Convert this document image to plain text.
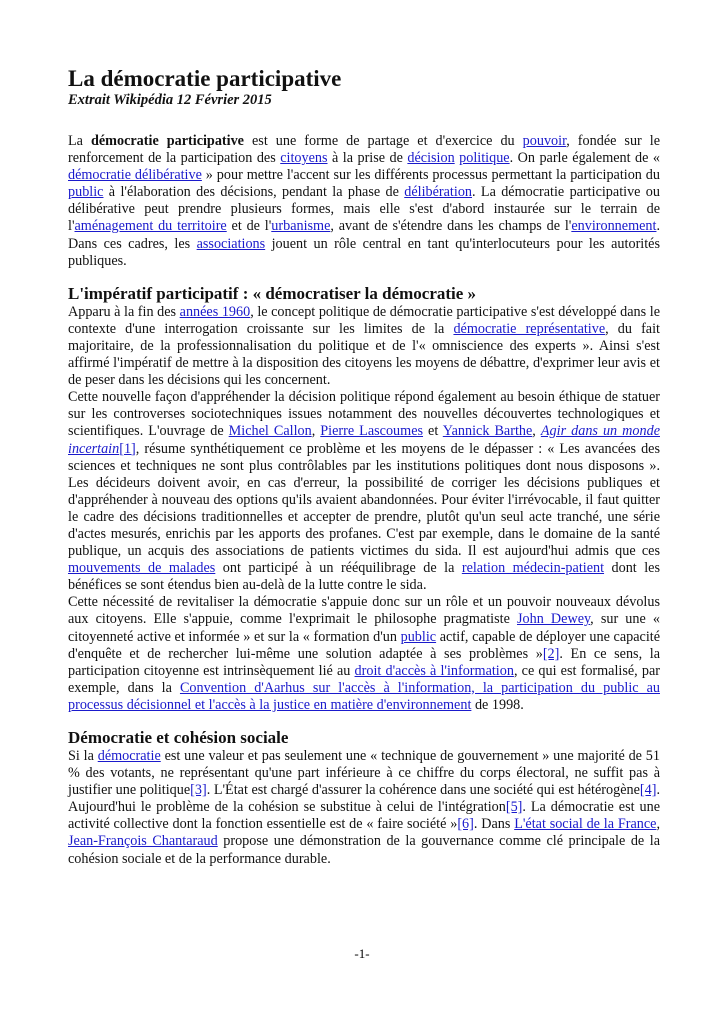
La démocratie participative
Extrait Wikipédia 12 Février 2015

La démocratie participative est une forme de partage et d'exercice du pouvoir, fondée sur le renforcement de la participation des citoyens à la prise de décision politique. On parle également de « démocratie délibérative » pour mettre l'accent sur les différents processus permettant la participation du public à l'élaboration des décisions, pendant la phase de délibération. La démocratie participative ou délibérative peut prendre plusieurs formes, mais elle s'est d'abord instaurée sur le terrain de l'aménagement du territoire et de l'urbanisme, avant de s'étendre dans les champs de l'environnement. Dans ces cadres, les associations jouent un rôle central en tant qu'interlocuteurs pour les autorités publiques.

L'impératif participatif : « démocratiser la démocratie »

Apparu à la fin des années 1960, le concept politique de démocratie participative s'est développé dans le contexte d'une interrogation croissante sur les limites de la démocratie représentative, du fait majoritaire, de la professionnalisation du politique et de l'« omniscience des experts ». Ainsi s'est affirmé l'impératif de mettre à la disposition des citoyens les moyens de débattre, d'exprimer leur avis et de peser dans les décisions qui les concernent.

Cette nouvelle façon d'appréhender la décision politique répond également au besoin éthique de statuer sur les controverses sociotechniques issues notamment des nouvelles découvertes technologiques et scientifiques. L'ouvrage de Michel Callon, Pierre Lascoumes et Yannick Barthe, Agir dans un monde incertain[1], résume synthétiquement ce problème et les moyens de le dépasser : « Les avancées des sciences et techniques ne sont plus contrôlables par les institutions politiques dont nous disposons ». Les décideurs doivent avoir, en cas d'erreur, la possibilité de corriger les décisions publiques et d'appréhender à nouveau des options qu'ils avaient abandonnées. Pour éviter l'irrévocable, il faut quitter le cadre des décisions traditionnelles et accepter de prendre, plutôt qu'un seul acte tranché, une série d'actes mesurés, enrichis par les apports des profanes. C'est par exemple, dans le domaine de la santé publique, un acquis des associations de patients victimes du sida. Il est aujourd'hui admis que ces mouvements de malades ont participé à un rééquilibrage de la relation médecin-patient dont les bénéfices se sont étendus bien au-delà de la lutte contre le sida.

Cette nécessité de revitaliser la démocratie s'appuie donc sur un rôle et un pouvoir nouveaux dévolus aux citoyens. Elle s'appuie, comme l'exprimait le philosophe pragmatiste John Dewey, sur une « citoyenneté active et informée » et sur la « formation d'un public actif, capable de déployer une capacité d'enquête et de rechercher lui-même une solution adaptée à ses problèmes »[2]. En ce sens, la participation citoyenne est intrinsèquement lié au droit d'accès à l'information, ce qui est formalisé, par exemple, dans la Convention d'Aarhus sur l'accès à l'information, la participation du public au processus décisionnel et l'accès à la justice en matière d'environnement de 1998.

Démocratie et cohésion sociale

Si la démocratie est une valeur et pas seulement une « technique de gouvernement » une majorité de 51 % des votants, ne représentant qu'une part inférieure à ce chiffre du corps électoral, ne suffit pas à justifier une politique[3]. L'État est chargé d'assurer la cohérence dans une société qui est hétérogène[4]. Aujourd'hui le problème de la cohésion se substitue à celui de l'intégration[5]. La démocratie est une activité collective dont la fonction essentielle est de « faire société »[6]. Dans L'état social de la France, Jean-François Chantaraud propose une démonstration de la gouvernance comme clé principale de la cohésion sociale et de la performance durable.

-1-
